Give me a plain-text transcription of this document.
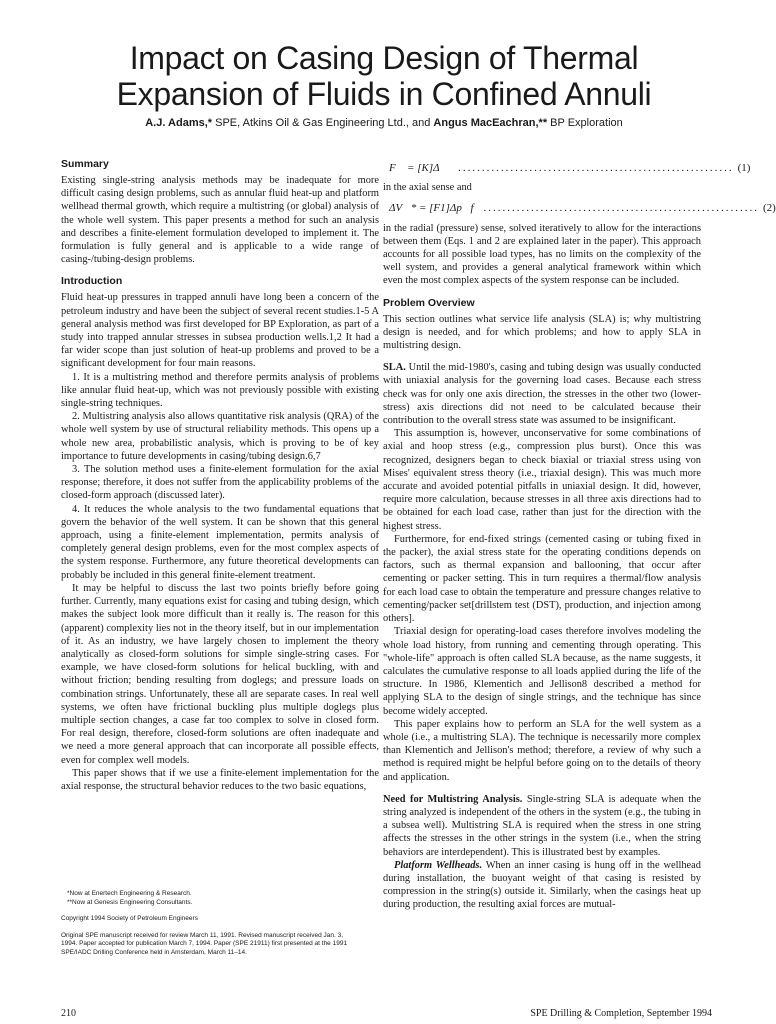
Impact on Casing Design of Thermal
Expansion of Fluids in Confined Annuli
A.J. Adams,* SPE, Atkins Oil & Gas Engineering Ltd., and Angus MacEachran,** BP Exploration
Summary

Existing single-string analysis methods may be inadequate for more difficult casing design problems, such as annular fluid heat-up and platform wellhead thermal growth, which require a multistring (or global) analysis of the whole well system. This paper presents a method for such an analysis and describes a finite-element formulation developed to implement it. The formulation is fully general and is applicable to a wide range of casing-/tubing-design problems.

Introduction

Fluid heat-up pressures in trapped annuli have long been a concern of the petroleum industry and have been the subject of several recent studies.1-5 A general analysis method was first developed for BP Exploration, as part of a study into trapped annular stresses in subsea production wells.1,2 It had a far wider scope than just solution of heat-up problems and proved to be a significant development for four main reasons.

1. It is a multistring method and therefore permits analysis of problems like annular fluid heat-up, which was not previously possible with existing single-string techniques.

2. Multistring analysis also allows quantitative risk analysis (QRA) of the whole well system by use of structural reliability methods. This opens up a whole new area, probabilistic analysis, which is proving to be of key importance to future developments in casing/tubing design.6,7

3. The solution method uses a finite-element formulation for the axial response; therefore, it does not suffer from the applicability problems of the closed-form approach (discussed later).

4. It reduces the whole analysis to the two fundamental equations that govern the behavior of the well system. It can be shown that this general approach, using a finite-element implementation, permits analysis of completely general design problems, even for the most complex aspects of the system response. Furthermore, any future theoretical developments can probably be included in this general finite-element treatment.

It may be helpful to discuss the last two points briefly before going further. Currently, many equations exist for casing and tubing design, which makes the subject look more difficult than it really is. The reason for this (apparent) complexity lies not in the theory itself, but in our implementation of it. As an industry, we have largely chosen to implement the theory analytically as closed-form solutions for simple single-string cases. For example, we have closed-form solutions for helical buckling, with and without friction; bending resulting from doglegs; and pressure loads on combination strings. Unfortunately, these all are separate cases. In real well systems, we often have frictional buckling plus multiple doglegs plus multiple section changes, a case far too complex to solve in closed form. For real design, therefore, closed-form solutions are often inadequate and we need a more general approach that can incorporate all possible effects, even for complex well models.

This paper shows that if we use a finite-element implementation for the axial response, the structural behavior reduces to the two basic equations,

*Now at Enertech Engineering & Research.

**Now at Genesis Engineering Consultants.

Copyright 1994 Society of Petroleum Engineers

Original SPE manuscript received for review March 11, 1991. Revised manuscript received Jan. 3, 1994. Paper accepted for publication March 7, 1994. Paper (SPE 21911) first presented at the 1991 SPE/IADC Drilling Conference held in Amsterdam, March 11–14.

F⃗ = [K]Δ⃗ .......................................................... (1)

in the axial sense and

ΔV⃗* = [F1]Δp⃗f .......................................................... (2)

in the radial (pressure) sense, solved iteratively to allow for the interactions between them (Eqs. 1 and 2 are explained later in the paper). This approach accounts for all possible load types, has no limits on the complexity of the well system, and provides a general analytical framework within which even the most complex aspects of the system response can be included.

Problem Overview

This section outlines what service life analysis (SLA) is; why multistring design is needed, and for which problems; and how to apply SLA in multistring design.

SLA. Until the mid-1980's, casing and tubing design was usually conducted with uniaxial analysis for the governing load cases. Because each stress check was for only one axis direction, the stresses in the other two (lower-stress) axis directions did not need to be calculated because their contribution to the overall stress state was assumed to be insignificant.

This assumption is, however, unconservative for some combinations of axial and hoop stress (e.g., compression plus burst). Once this was recognized, designers began to check biaxial or triaxial stress using von Mises' equivalent stress theory (i.e., triaxial design). This was much more accurate and avoided potential pitfalls in uniaxial design. It did, however, require more calculation, because stresses in all three axis directions had to be obtained for each load case, rather than just for the direction with the highest stress.

Furthermore, for end-fixed strings (cemented casing or tubing fixed in the packer), the axial stress state for the operating conditions depends on factors, such as thermal expansion and ballooning, that occur after cementing or packer setting. This in turn requires a thermal/flow analysis for each load case to obtain the temperature and pressure changes relative to cementing/packer set[drillstem test (DST), production, and injection among others].

Triaxial design for operating-load cases therefore involves modeling the whole load history, from running and cementing through operating. This "whole-life" approach is often called SLA because, as the name suggests, it calculates the cumulative response to all loads applied during the life of the structure. In 1986, Klementich and Jellison8 described a method for applying SLA to the design of single strings, and the technique has since become widely accepted.

This paper explains how to perform an SLA for the well system as a whole (i.e., a multistring SLA). The technique is necessarily more complex than Klementich and Jellison's method; therefore, a review of why such a method is required might be helpful before going on to the details of theory and application.

Need for Multistring Analysis. Single-string SLA is adequate when the string analyzed is independent of the others in the system (e.g., the tubing in a subsea well). Multistring SLA is required when the stress in one string affects the stresses in the other strings in the system (i.e., when the string behaviors are interdependent). This is illustrated best by examples.

Platform Wellheads. When an inner casing is hung off in the wellhead during installation, the buoyant weight of that casing is resisted by compression in the string(s) outside it. Similarly, when the casings heat up during production, the resulting axial forces are mutual-

210	SPE Drilling & Completion, September 1994
